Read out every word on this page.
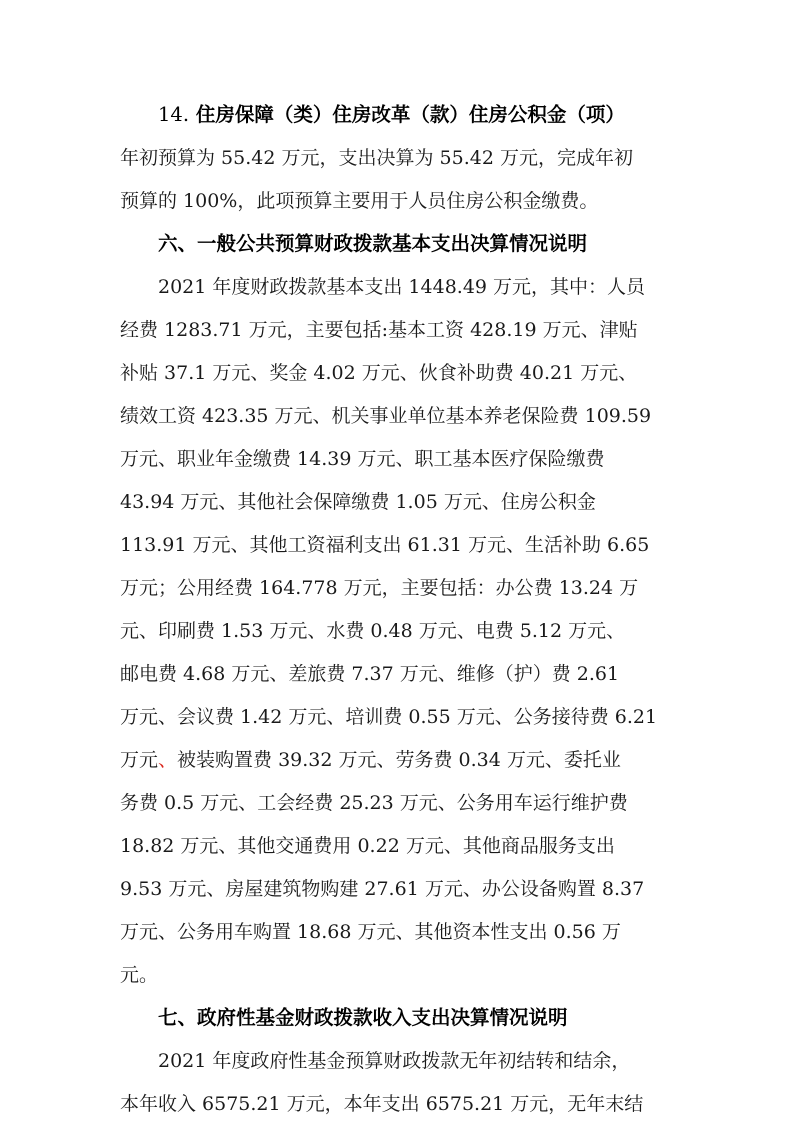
14. 住房保障（类）住房改革（款）住房公积金（项）
年初预算为 55.42 万元，支出决算为 55.42 万元，完成年初
预算的 100%，此项预算主要用于人员住房公积金缴费。
六、一般公共预算财政拨款基本支出决算情况说明
2021 年度财政拨款基本支出 1448.49 万元，其中：人员
经费 1283.71 万元，主要包括:基本工资 428.19 万元、津贴
补贴 37.1 万元、奖金 4.02 万元、伙食补助费 40.21 万元、
绩效工资 423.35 万元、机关事业单位基本养老保险费 109.59
万元、职业年金缴费 14.39 万元、职工基本医疗保险缴费
43.94 万元、其他社会保障缴费 1.05 万元、住房公积金
113.91 万元、其他工资福利支出 61.31 万元、生活补助 6.65
万元；公用经费 164.778 万元，主要包括：办公费 13.24 万
元、印刷费 1.53 万元、水费 0.48 万元、电费 5.12 万元、
邮电费 4.68 万元、差旅费 7.37 万元、维修（护）费 2.61
万元、会议费 1.42 万元、培训费 0.55 万元、公务接待费 6.21
万元、被装购置费 39.32 万元、劳务费 0.34 万元、委托业
务费 0.5 万元、工会经费 25.23 万元、公务用车运行维护费
18.82 万元、其他交通费用 0.22 万元、其他商品服务支出
9.53 万元、房屋建筑物购建 27.61 万元、办公设备购置 8.37
万元、公务用车购置 18.68 万元、其他资本性支出 0.56 万
元。
七、政府性基金财政拨款收入支出决算情况说明
2021 年度政府性基金预算财政拨款无年初结转和结余，
本年收入 6575.21 万元，本年支出 6575.21 万元，无年末结
